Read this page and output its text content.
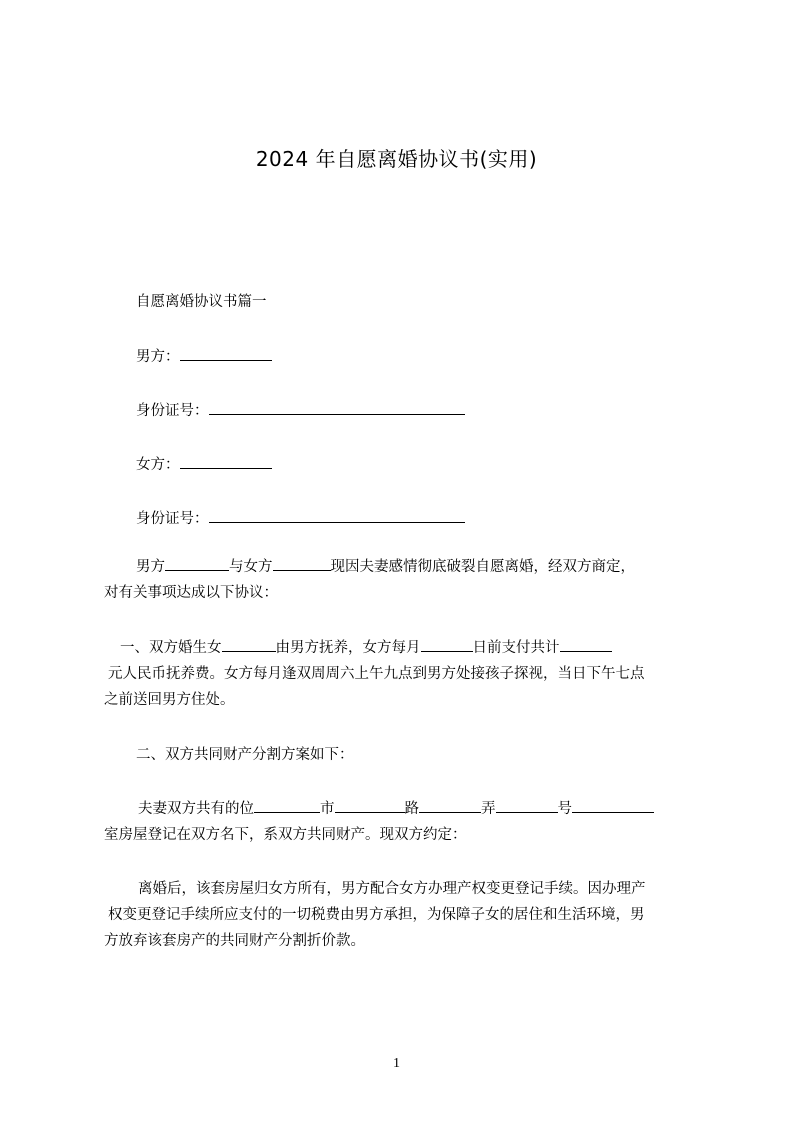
2024 年自愿离婚协议书(实用)
自愿离婚协议书篇一
男方：
身份证号：
女方：
身份证号：
男方	与女方	现因夫妻感情彻底破裂自愿离婚，经双方商定，
对有关事项达成以下协议：
一、双方婚生女	由男方抚养，女方每月	日前支付共计
元人民币抚养费。女方每月逢双周周六上午九点到男方处接孩子探视，当日下午七点
之前送回男方住处。
二、双方共同财产分割方案如下：
夫妻双方共有的位	市	路	弄	号
室房屋登记在双方名下，系双方共同财产。现双方约定：
离婚后，该套房屋归女方所有，男方配合女方办理产权变更登记手续。因办理产
权变更登记手续所应支付的一切税费由男方承担，为保障子女的居住和生活环境，男
方放弃该套房产的共同财产分割折价款。
1
